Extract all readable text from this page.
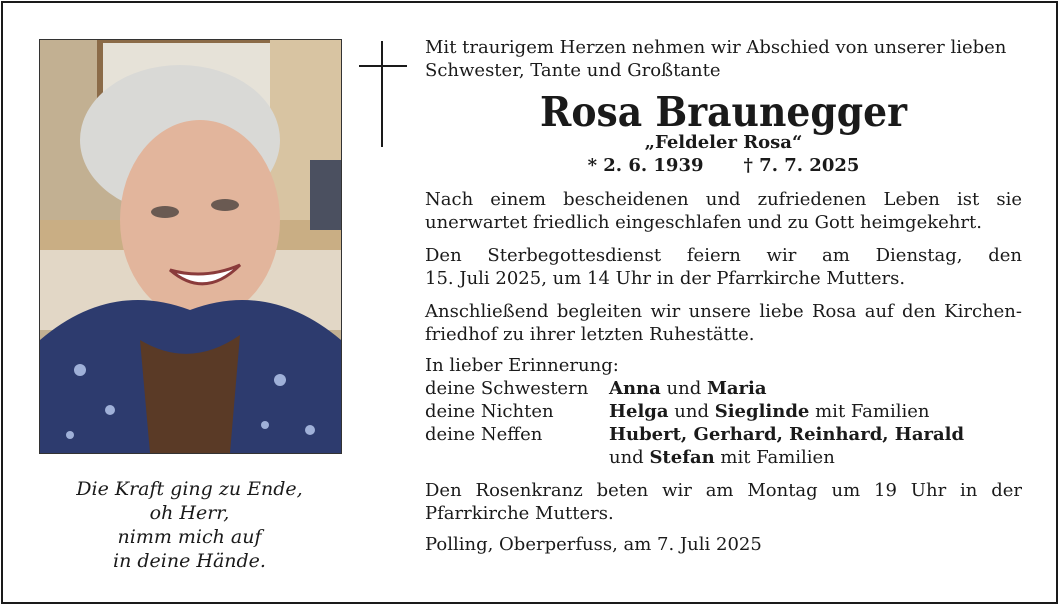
Die Kraft ging zu Ende,
oh Herr,
nimm mich auf
in deine Hände.
Mit traurigem Herzen nehmen wir Abschied von unserer lieben
Schwester, Tante und Großtante
Rosa Braunegger
„Feldeler Rosa“
* 2. 6. 1939 † 7. 7. 2025
Nach einem bescheidenen und zufriedenen Leben ist sie
unerwartet friedlich eingeschlafen und zu Gott heimgekehrt.
Den Sterbegottesdienst feiern wir am Dienstag, den
15. Juli 2025, um 14 Uhr in der Pfarrkirche Mutters.
Anschließend begleiten wir unsere liebe Rosa auf den Kirchen-
friedhof zu ihrer letzten Ruhestätte.
In lieber Erinnerung:
deine Schwestern	Anna und Maria
deine Nichten	Helga und Sieglinde mit Familien
deine Neffen	Hubert, Gerhard, Reinhard, Harald
und Stefan mit Familien
Den Rosenkranz beten wir am Montag um 19 Uhr in der
Pfarrkirche Mutters.
Polling, Oberperfuss, am 7. Juli 2025
